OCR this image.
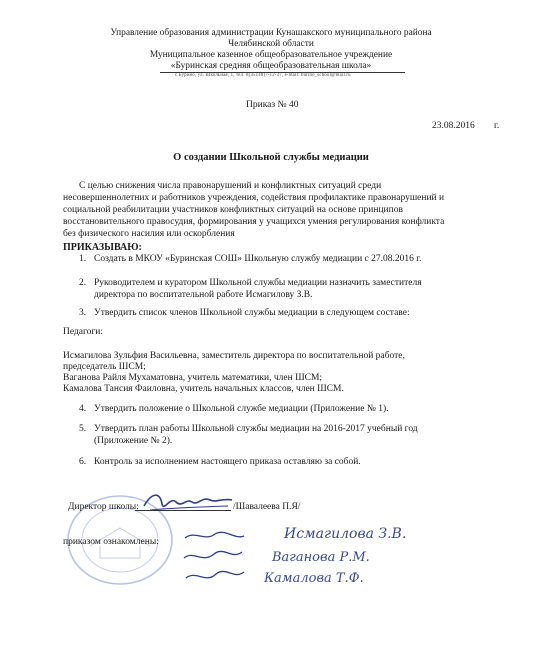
Управление образования администрации Кунашакского муниципального района
Челябинской области
Муниципальное казенное общеобразовательное учреждение
«Буринская средняя общеобразовательная школа»
с.Бурино, ул. Школьная, 1, тел. 8(35148)7-12-37, e-mail: burino_school@mail.ru
Приказ № 40
23.08.2016 г.
О создании Школьной службы медиации
С целью снижения числа правонарушений и конфликтных ситуаций среди
несовершеннолетних и работников учреждения, содействия профилактике правонарушений и
социальной реабилитации участников конфликтных ситуаций на основе принципов
восстановительного правосудия, формирования у учащихся умения регулирования конфликта
без физического насилия или оскорбления
ПРИКАЗЫВАЮ:
1. Создать в МКОУ «Буринская СОШ» Школьную службу медиации с 27.08.2016 г.
2. Руководителем и куратором Школьной службы медиации назначить заместителя
директора по воспитательной работе Исмагилову З.В.
3. Утвердить список членов Школьной службы медиации в следующем составе:
Педагоги:
Исмагилова Зульфия Васильевна, заместитель директора по воспитательной работе,
председатель ШСМ;
Ваганова Райля Мухаматовна, учитель математики, член ШСМ;
Камалова Тансия Фаиловна, учитель начальных классов, член ШСМ.
4. Утвердить положение о Школьной службе медиации (Приложение № 1).
5. Утвердить план работы Школьной службы медиации на 2016-2017 учебный год
(Приложение № 2).
6. Контроль за исполнением настоящего приказа оставляю за собой.
Директор школы:	/Шавалеева П.Я/
приказом ознакомлены:	Исмагилова З.В.
Ваганова Р.М.
Камалова Т.Ф.
